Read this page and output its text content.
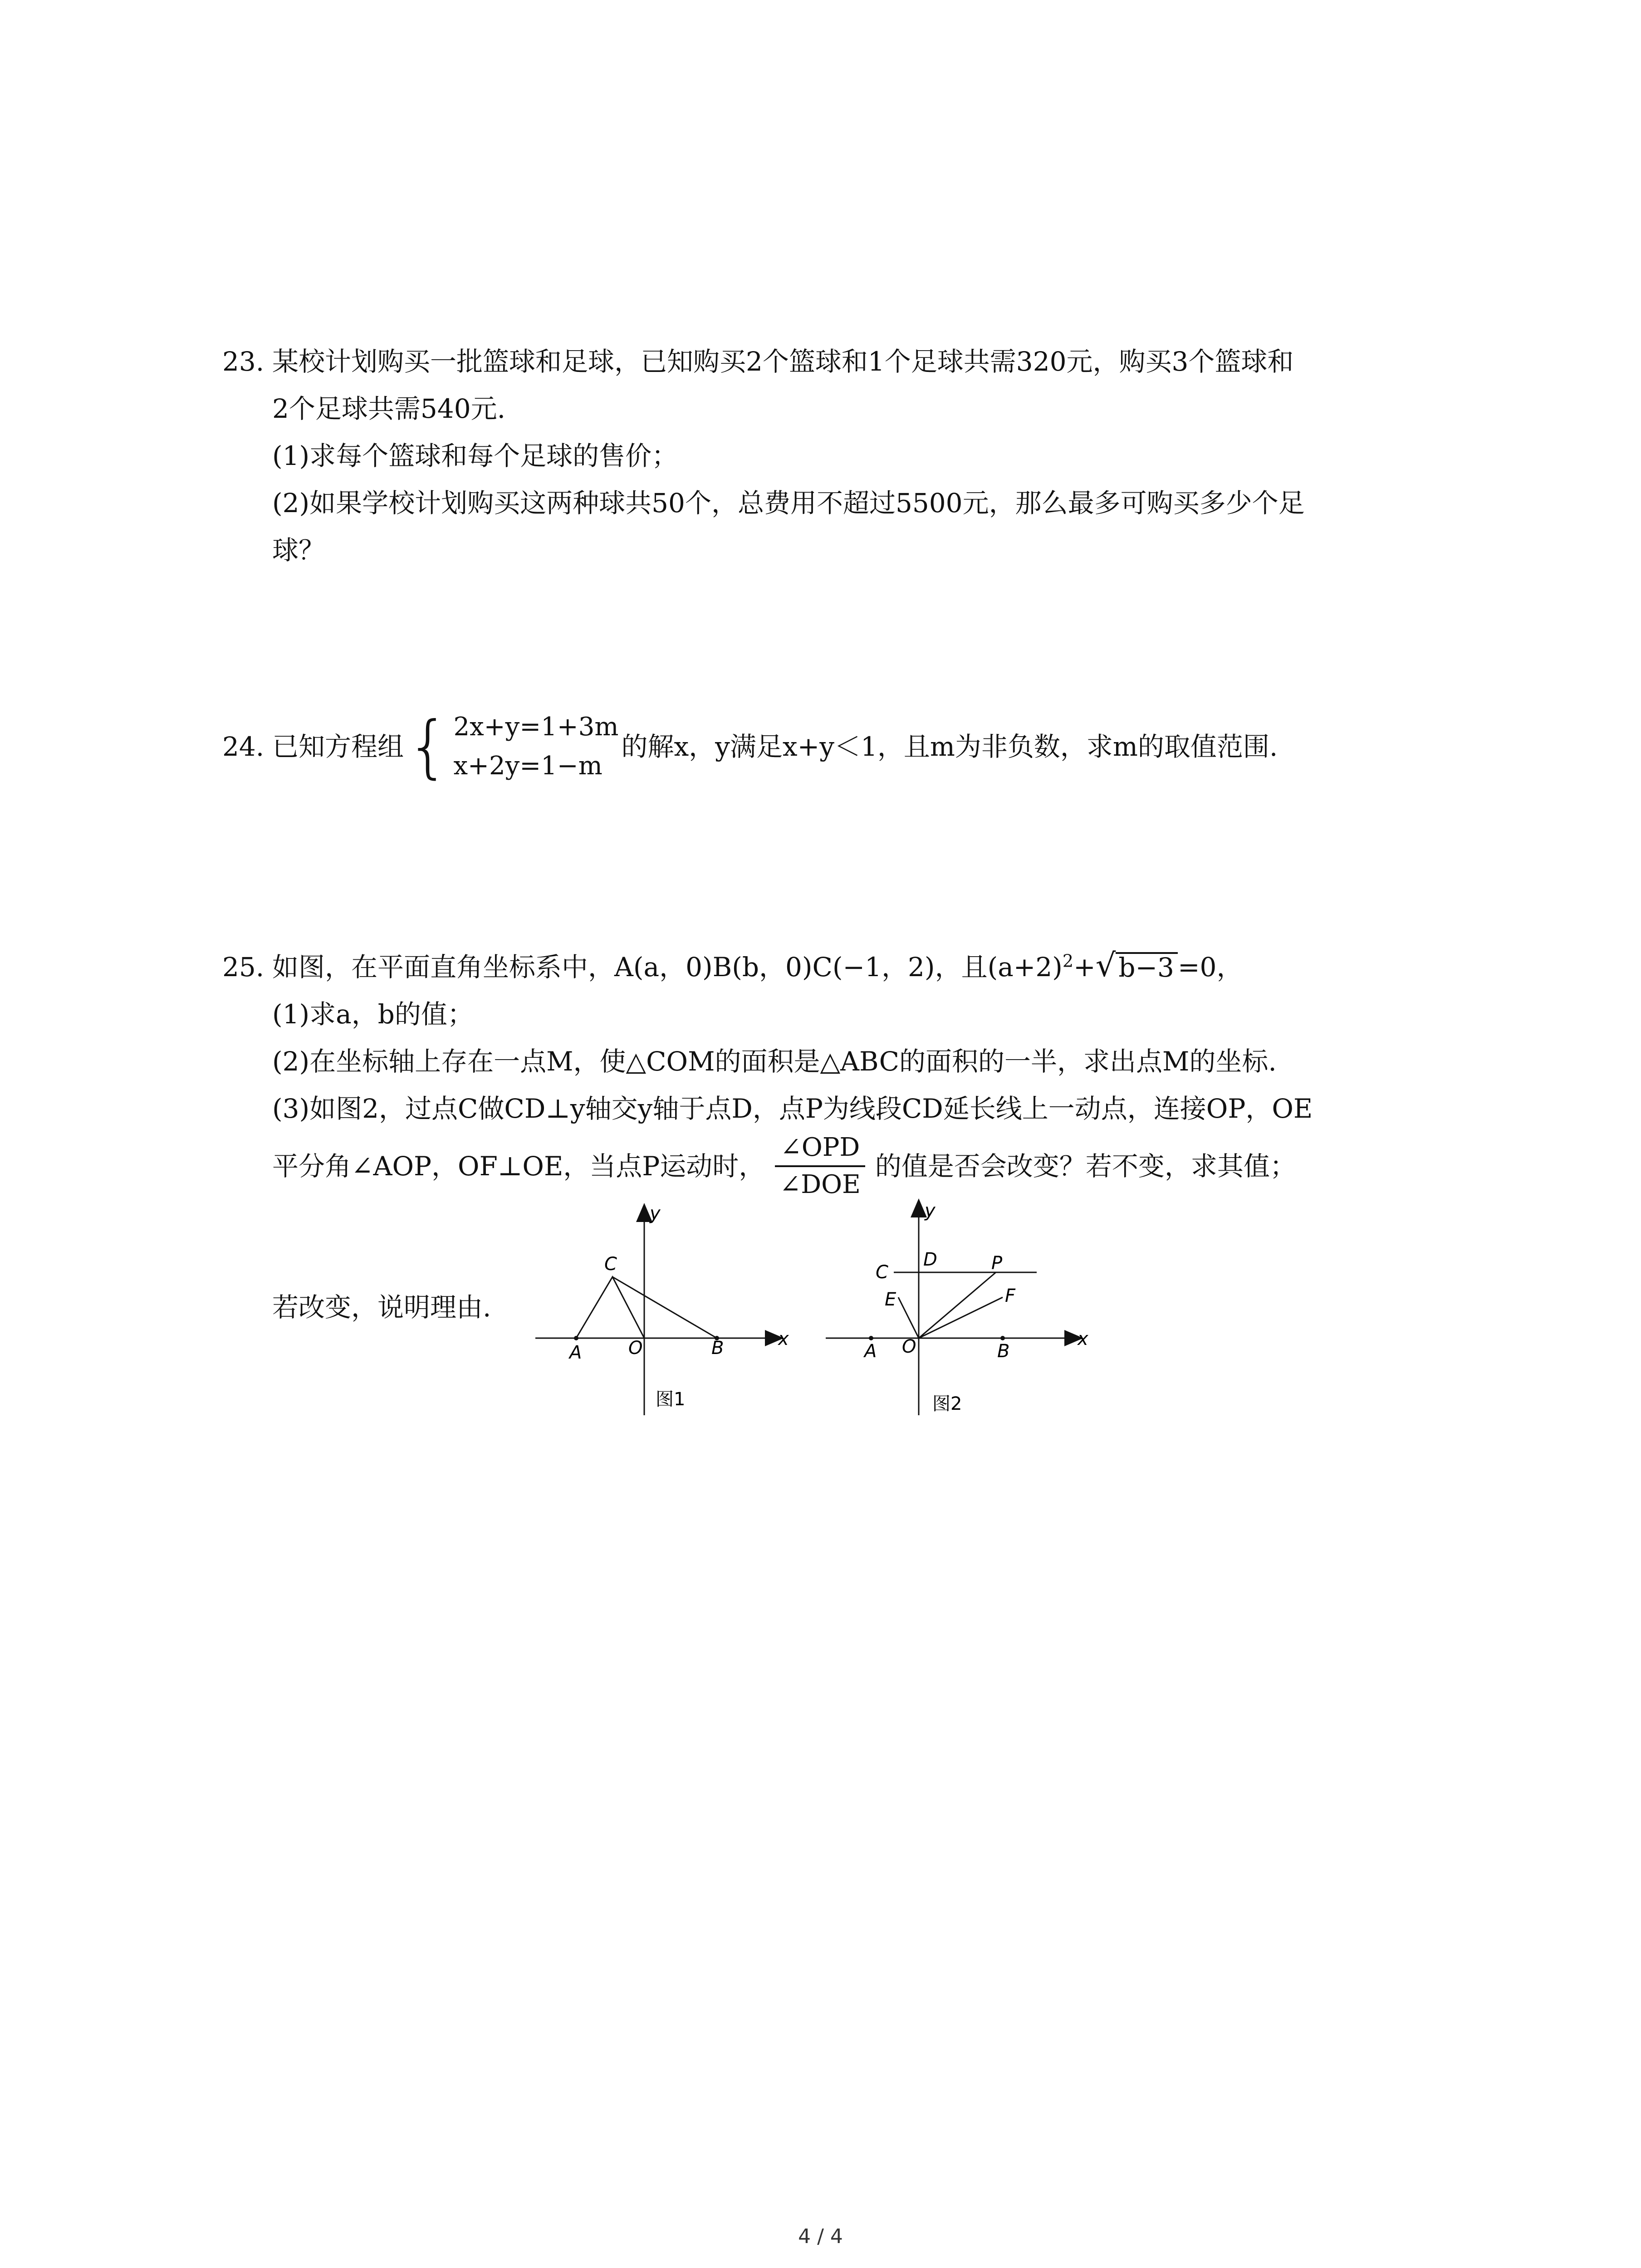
23. 某校计划购买一批篮球和足球，已知购买2个篮球和1个足球共需320元，购买3个篮球和
2个足球共需540元.
(1)求每个篮球和每个足球的售价；
(2)如果学校计划购买这两种球共50个，总费用不超过5500元，那么最多可购买多少个足
球？
24. 已知方程组 { 2x+y=1+3m
x+2y=1−m
的解x，y满足x+y＜1，且m为非负数，求m的取值范围.
25. 如图，在平面直角坐标系中，A(a，0)B(b，0)C(−1，2)，且$(a+2)^2+$ √ b−3 =0，
(1)求a，b的值；
(2)在坐标轴上存在一点M，使△COM的面积是△ABC的面积的一半，求出点M的坐标.
(3)如图2，过点C做CD⊥y轴交y轴于点D，点P为线段CD延长线上一动点，连接OP，OE
平分角∠AOP，OF⊥OE，当点P运动时， $\frac{\text{∠OPD}}{\text{∠DOE}}$ 的值是否会改变？若不变，求其值；
若改变，说明理由.
y
x
C
A	O	B
图1
y
x
C
D	P
E	F
A O	B
图2
4 / 4
